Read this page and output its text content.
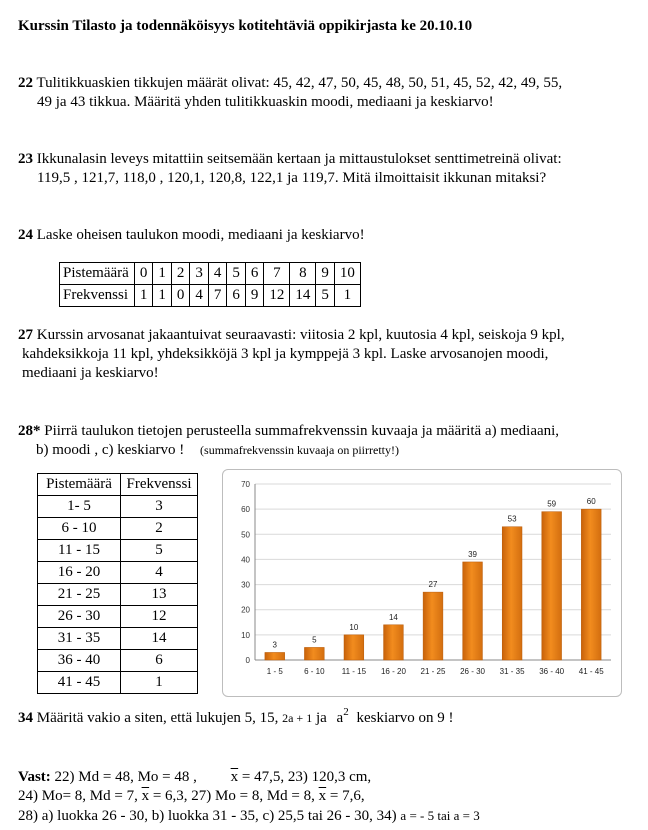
Kurssin Tilasto ja todennäköisyys kotitehtäviä oppikirjasta ke 20.10.10
22 Tulitikkuaskien tikkujen määrät olivat: 45, 42, 47, 50, 45, 48, 50, 51, 45, 52, 42, 49, 55,
49 ja 43 tikkua. Määritä yhden tulitikkuaskin moodi, mediaani ja keskiarvo!
23 Ikkunalasin leveys mitattiin seitsemään kertaan ja mittaustulokset senttimetreinä olivat:
119,5 , 121,7, 118,0 , 120,1, 120,8, 122,1 ja 119,7. Mitä ilmoittaisit ikkunan mitaksi?
24 Laske oheisen taulukon moodi, mediaani ja keskiarvo!
Pistemäärä	0	1	2	3	4	5	6	7	8	9	10
Frekvenssi	1	1	0	4	7	6	9	12	14	5	1
27 Kurssin arvosanat jakaantuivat seuraavasti: viitosia 2 kpl, kuutosia 4 kpl, seiskoja 9 kpl,
kahdeksikkoja 11 kpl, yhdeksikköjä 3 kpl ja kymppejä 3 kpl. Laske arvosanojen moodi,
mediaani ja keskiarvo!
28* Piirrä taulukon tietojen perusteella summafrekvenssin kuvaaja ja määritä a) mediaani,
b) moodi , c) keskiarvo ! (summafrekvenssin kuvaaja on piirretty!)
Pistemäärä	Frekvenssi
1- 5	3
6 - 10	2
11 - 15	5
16 - 20	4
21 - 25	13
26 - 30	12
31 - 35	14
36 - 40	6
41 - 45	1
0
10
20
30
40
50
60
70
3
1 - 5
5
6 - 10
10
11 - 15
14
16 - 20
27
21 - 25
39
26 - 30
53
31 - 35
59
36 - 40
60
41 - 45
34 Määritä vakio a siten, että lukujen 5, 15, 2a + 1 ja $a^2$ keskiarvo on 9 !
Vast: 22) Md = 48, Mo = 48 , $\overline{x} = 47,5$, 23) 120,3 cm,
24) Mo= 8, Md = 7, $\overline{x} = 6,3$, 27) Mo = 8, Md = 8, $\overline{x} = 7,6$,
28) a) luokka 26 - 30, b) luokka 31 - 35, c) 25,5 tai 26 - 30, 34) a = - 5 tai a = 3
